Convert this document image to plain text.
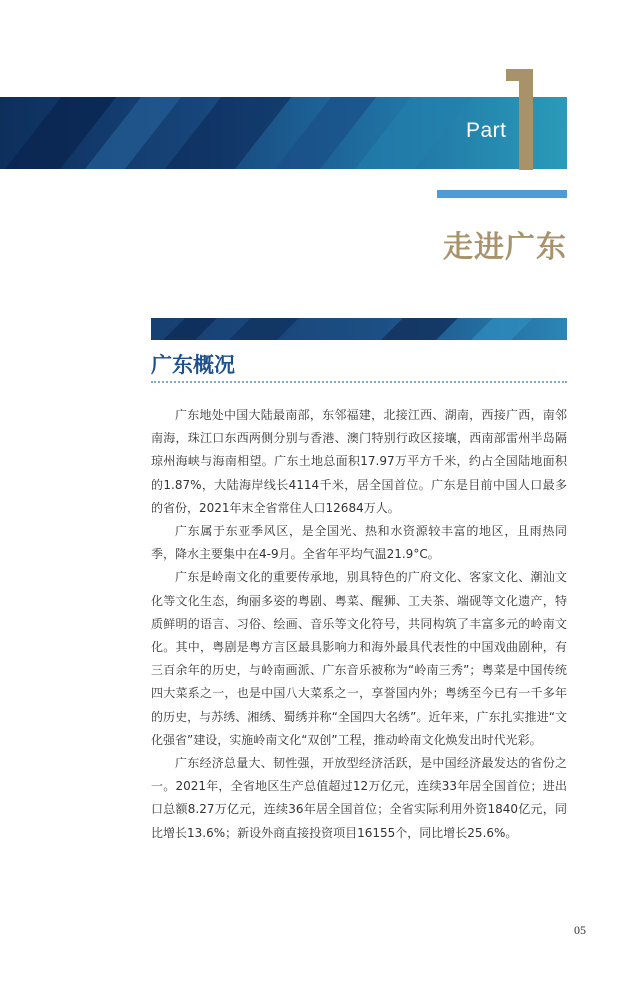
Part
走进广东
广东概况

广东地处中国大陆最南部，东邻福建，北接江西、湖南，西接广西，南邻南海，珠江口东西两侧分别与香港、澳门特别行政区接壤，西南部雷州半岛隔琼州海峡与海南相望。广东土地总面积17.97万平方千米，约占全国陆地面积的1.87%，大陆海岸线长4114千米，居全国首位。广东是目前中国人口最多的省份，2021年末全省常住人口12684万人。

广东属于东亚季风区，是全国光、热和水资源较丰富的地区，且雨热同季，降水主要集中在4-9月。全省年平均气温21.9°C。

广东是岭南文化的重要传承地，别具特色的广府文化、客家文化、潮汕文化等文化生态，绚丽多姿的粤剧、粤菜、醒狮、工夫茶、端砚等文化遗产，特质鲜明的语言、习俗、绘画、音乐等文化符号，共同构筑了丰富多元的岭南文化。其中，粤剧是粤方言区最具影响力和海外最具代表性的中国戏曲剧种，有三百余年的历史，与岭南画派、广东音乐被称为“岭南三秀”；粤菜是中国传统四大菜系之一，也是中国八大菜系之一，享誉国内外；粤绣至今已有一千多年的历史，与苏绣、湘绣、蜀绣并称“全国四大名绣”。近年来，广东扎实推进“文化强省”建设，实施岭南文化“双创”工程，推动岭南文化焕发出时代光彩。

广东经济总量大、韧性强，开放型经济活跃，是中国经济最发达的省份之一。2021年，全省地区生产总值超过12万亿元，连续33年居全国首位；进出口总额8.27万亿元，连续36年居全国首位；全省实际利用外资1840亿元，同比增长13.6%；新设外商直接投资项目16155个，同比增长25.6%。

05
